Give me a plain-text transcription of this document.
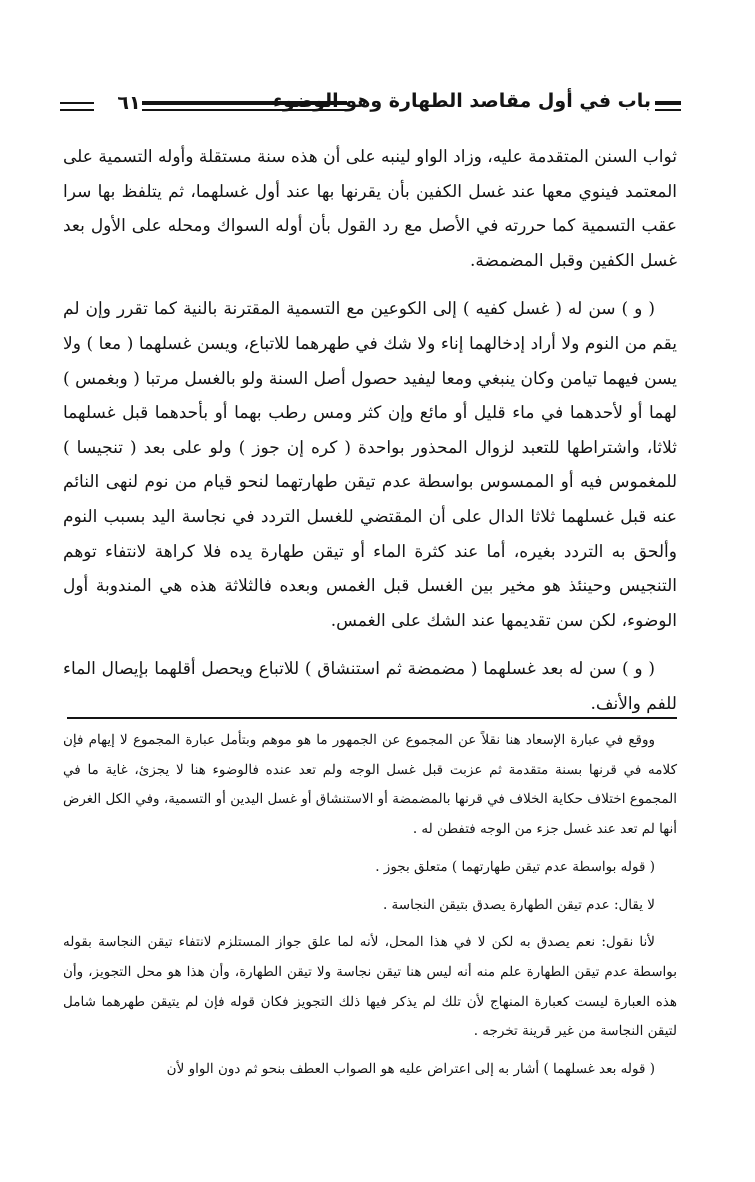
٦١	باب في أول مقاصد الطهارة وهو الوضوء

ثواب السنن المتقدمة عليه، وزاد الواو لينبه على أن هذه سنة مستقلة وأوله التسمية على المعتمد فينوي معها عند غسل الكفين بأن يقرنها بها عند أول غسلهما، ثم يتلفظ بها سرا عقب التسمية كما حررته في الأصل مع رد القول بأن أوله السواك ومحله على الأول بعد غسل الكفين وقبل المضمضة.

( و ) سن له ( غسل كفيه ) إلى الكوعين مع التسمية المقترنة بالنية كما تقرر وإن لم يقم من النوم ولا أراد إدخالهما إناء ولا شك في طهرهما للاتباع، ويسن غسلهما ( معا ) ولا يسن فيهما تيامن وكان ينبغي ومعا ليفيد حصول أصل السنة ولو بالغسل مرتبا ( وبغمس ) لهما أو لأحدهما في ماء قليل أو مائع وإن كثر ومس رطب بهما أو بأحدهما قبل غسلهما ثلاثا، واشتراطها للتعبد لزوال المحذور بواحدة ( كره إن جوز ) ولو على بعد ( تنجيسا ) للمغموس فيه أو الممسوس بواسطة عدم تيقن طهارتهما لنحو قيام من نوم لنهى النائم عنه قبل غسلهما ثلاثا الدال على أن المقتضي للغسل التردد في نجاسة اليد بسبب النوم وألحق به التردد بغيره، أما عند كثرة الماء أو تيقن طهارة يده فلا كراهة لانتفاء توهم التنجيس وحينئذ هو مخير بين الغسل قبل الغمس وبعده فالثلاثة هذه هي المندوبة أول الوضوء، لكن سن تقديمها عند الشك على الغمس.

( و ) سن له بعد غسلهما ( مضمضة ثم استنشاق ) للاتباع ويحصل أقلهما بإيصال الماء للفم والأنف.

ووقع في عبارة الإسعاد هنا نقلاً عن المجموع عن الجمهور ما هو موهم وبتأمل عبارة المجموع لا إيهام فإن كلامه في قرنها بسنة متقدمة ثم عزبت قبل غسل الوجه ولم تعد عنده فالوضوء هنا لا يجزئ، غاية ما في المجموع اختلاف حكاية الخلاف في قرنها بالمضمضة أو الاستنشاق أو غسل اليدين أو التسمية، وفي الكل الغرض أنها لم تعد عند غسل جزء من الوجه فتفطن له .

( قوله بواسطة عدم تيقن طهارتهما ) متعلق بجوز .

لا يقال: عدم تيقن الطهارة يصدق بتيقن النجاسة .

لأنا نقول: نعم يصدق به لكن لا في هذا المحل، لأنه لما علق جواز المستلزم لانتفاء تيقن النجاسة بقوله بواسطة عدم تيقن الطهارة علم منه أنه ليس هنا تيقن نجاسة ولا تيقن الطهارة، وأن هذا هو محل التجويز، وأن هذه العبارة ليست كعبارة المنهاج لأن تلك لم يذكر فيها ذلك التجويز فكان قوله فإن لم يتيقن طهرهما شامل لتيقن النجاسة من غير قرينة تخرجه .

( قوله بعد غسلهما ) أشار به إلى اعتراض عليه هو الصواب العطف بنحو ثم دون الواو لأن
